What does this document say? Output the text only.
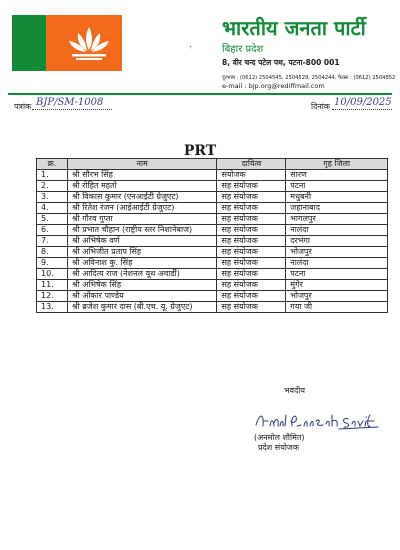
भारतीय जनता पार्टी
बिहार प्रदेश
8, वीर चन्द पटेल पथ, पटना-800 001
दूरभाष : (0612) 2504545, 2504529, 2504244, फैक्स : (0612) 2504852
e-mail : bjp.org@rediffmail.com
﹐
पत्रांक BJP/SM-1008	दिनांक 10/09/2025
PRT
क्र.	नाम	दायित्व	गृह जिला
1.	श्री सौरभ सिंह	संयोजक	सारण
2.	श्री रोहित महतो	सह संयोजक	पटना
3.	श्री विकास कुमार (एनआईटी ग्रेजुएट)	सह संयोजक	मधुबनी
4.	श्री रितेश रंजन (आईआईटी ग्रेजुएट)	सह संयोजक	जहानाबाद
5.	श्री गौरव गुप्ता	सह संयोजक	भागलपुर
6.	श्री प्रभात चौहान (राष्ट्रीय स्तर निशानेबाज)	सह संयोजक	नालंदा
7.	श्री अभिषेक वर्ण	सह संयोजक	दरभंगा
8.	श्री अभिजीत प्रताप सिंह	सह संयोजक	भोजपुर
9.	श्री अविनाश कु. सिंह	सह संयोजक	नालंदा
10.	श्री आदित्य राज (नेशनल यूथ अवार्डी)	सह संयोजक	पटना
11.	श्री अभिषेक सिंह	सह संयोजक	मुंगेर
12.	श्री ओंकार पाण्डेय	सह संयोजक	भोजपुर
13.	श्री ब्रजेश कुमार दास (बी.एच. यू. ग्रेजुएट)	सह संयोजक	गया जी
भवदीय
(अनमोल शौमित)
प्रदेश संयोजक
